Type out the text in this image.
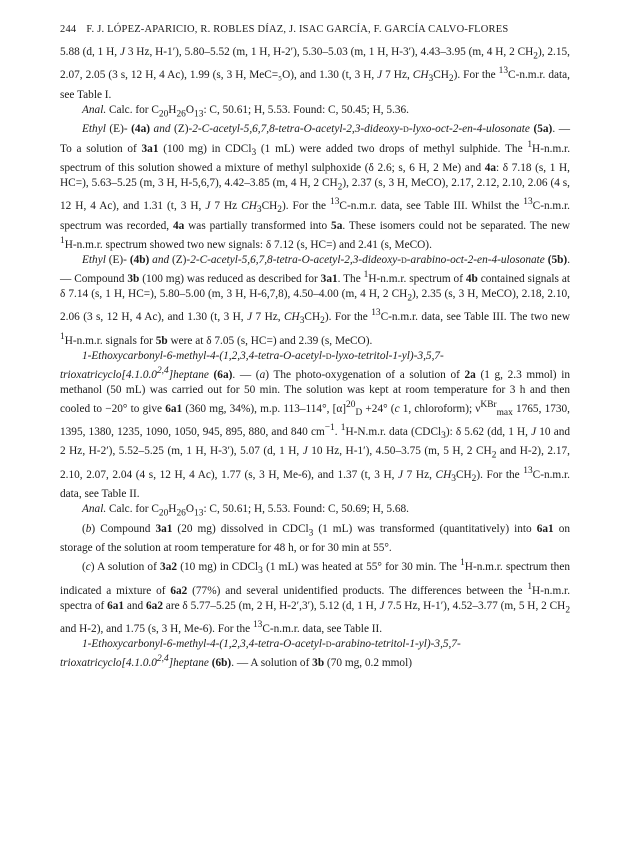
244 F. J. LÓPEZ-APARICIO, R. ROBLES DÍAZ, J. ISAC GARCÍA, F. GARCÍA CALVO-FLORES

5.88 (d, 1 H, J 3 Hz, H-1′), 5.80–5.52 (m, 1 H, H-2′), 5.30–5.03 (m, 1 H, H-3′), 4.43–3.95 (m, 4 H, 2 $CH_2$), 2.15, 2.07, 2.05 (3 s, 12 H, 4 Ac), 1.99 (s, 3 H, MeC=₅O), and 1.30 (t, 3 H, J 7 Hz, $CH_3CH_2$). For the $^{13}$C-n.m.r. data, see Table I.

Anal. Calc. for $C_{20}H_{26}O_{13}$: C, 50.61; H, 5.53. Found: C, 50.45; H, 5.36.

Ethyl (E)- (4a) and (Z)-2-C-acetyl-5,6,7,8-tetra-O-acetyl-2,3-dideoxy-d-lyxo-oct-2-en-4-ulosonate (5a). — To a solution of 3a1 (100 mg) in CDCl$_3$ (1 mL) were added two drops of methyl sulphide. The $^1$H-n.m.r. spectrum of this solution showed a mixture of methyl sulphoxide (δ 2.6; s, 6 H, 2 Me) and 4a: δ 7.18 (s, 1 H, HC=), 5.63–5.25 (m, 3 H, H-5,6,7), 4.42–3.85 (m, 4 H, 2 $CH_2$), 2.37 (s, 3 H, MeCO), 2.17, 2.12, 2.10, 2.06 (4 s, 12 H, 4 Ac), and 1.31 (t, 3 H, J 7 Hz $CH_3CH_2$). For the $^{13}$C-n.m.r. data, see Table III. Whilst the $^{13}$C-n.m.r. spectrum was recorded, 4a was partially transformed into 5a. These isomers could not be separated. The new $^1$H-n.m.r. spectrum showed two new signals: δ 7.12 (s, HC=) and 2.41 (s, MeCO).

Ethyl (E)- (4b) and (Z)-2-C-acetyl-5,6,7,8-tetra-O-acetyl-2,3-dideoxy-d-arabino-oct-2-en-4-ulosonate (5b). — Compound 3b (100 mg) was reduced as described for 3a1. The $^1$H-n.m.r. spectrum of 4b contained signals at δ 7.14 (s, 1 H, HC=), 5.80–5.00 (m, 3 H, H-6,7,8), 4.50–4.00 (m, 4 H, 2 $CH_2$), 2.35 (s, 3 H, MeCO), 2.18, 2.10, 2.06 (3 s, 12 H, 4 Ac), and 1.30 (t, 3 H, J 7 Hz, $CH_3CH_2$). For the $^{13}$C-n.m.r. data, see Table III. The two new $^1$H-n.m.r. signals for 5b were at δ 7.05 (s, HC=) and 2.39 (s, MeCO).

1-Ethoxycarbonyl-6-methyl-4-(1,2,3,4-tetra-O-acetyl-d-lyxo-tetritol-1-yl)-3,5,7-trioxatricyclo[4.1.0.0$^{2,4}$]heptane (6a). — (a) The photo-oxygenation of a solution of 2a (1 g, 2.3 mmol) in methanol (50 mL) was carried out for 50 min. The solution was kept at room temperature for 3 h and then cooled to −20° to give 6a1 (360 mg, 34%), m.p. 113–114°, $[\alpha]^{20}_D +24^\circ$ (c 1, chloroform); $\nu^{KBr}_{max}$ 1765, 1730, 1395, 1380, 1235, 1090, 1050, 945, 895, 880, and 840 $cm^{-1}$. $^1$H-N.m.r. data (CDCl$_3$): δ 5.62 (dd, 1 H, J 10 and 2 Hz, H-2′), 5.52–5.25 (m, 1 H, H-3′), 5.07 (d, 1 H, J 10 Hz, H-1′), 4.50–3.75 (m, 5 H, 2 $CH_2$ and H-2), 2.17, 2.10, 2.07, 2.04 (4 s, 12 H, 4 Ac), 1.77 (s, 3 H, Me-6), and 1.37 (t, 3 H, J 7 Hz, $CH_3CH_2$). For the $^{13}$C-n.m.r. data, see Table II.

Anal. Calc. for $C_{20}H_{26}O_{13}$: C, 50.61; H, 5.53. Found: C, 50.69; H, 5.68.

(b) Compound 3a1 (20 mg) dissolved in CDCl$_3$ (1 mL) was transformed (quantitatively) into 6a1 on storage of the solution at room temperature for 48 h, or for 30 min at 55°.

(c) A solution of 3a2 (10 mg) in CDCl$_3$ (1 mL) was heated at 55° for 30 min. The $^1$H-n.m.r. spectrum then indicated a mixture of 6a2 (77%) and several unidentified products. The differences between the $^1$H-n.m.r. spectra of 6a1 and 6a2 are δ 5.77–5.25 (m, 2 H, H-2′,3′), 5.12 (d, 1 H, J 7.5 Hz, H-1′), 4.52–3.77 (m, 5 H, 2 $CH_2$ and H-2), and 1.75 (s, 3 H, Me-6). For the $^{13}$C-n.m.r. data, see Table II.

1-Ethoxycarbonyl-6-methyl-4-(1,2,3,4-tetra-O-acetyl-d-arabino-tetritol-1-yl)-3,5,7-trioxatricyclo[4.1.0.0$^{2,4}$]heptane (6b). — A solution of 3b (70 mg, 0.2 mmol)
